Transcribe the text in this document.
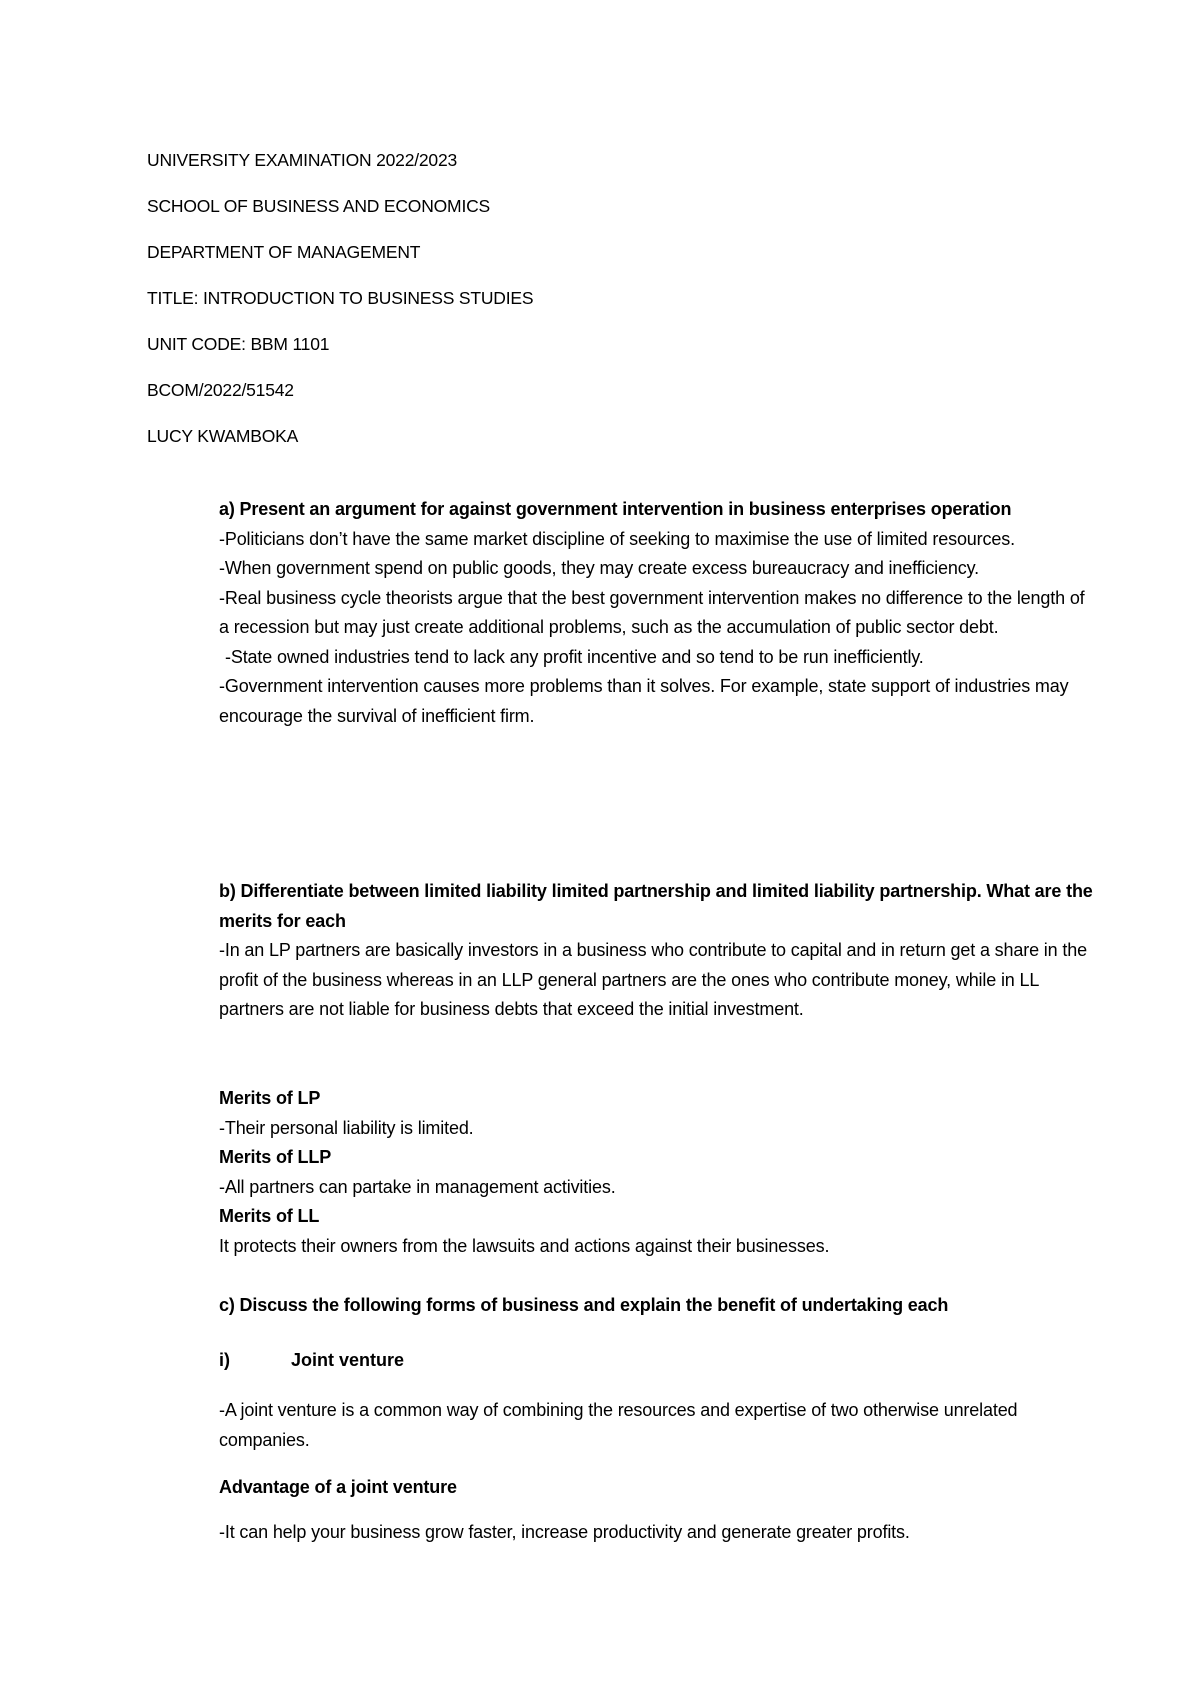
UNIVERSITY EXAMINATION 2022/2023
SCHOOL OF BUSINESS AND ECONOMICS
DEPARTMENT OF MANAGEMENT
TITLE: INTRODUCTION TO BUSINESS STUDIES
UNIT CODE: BBM 1101
BCOM/2022/51542
LUCY KWAMBOKA

a) Present an argument for against government intervention in business enterprises operation

-Politicians don’t have the same market discipline of seeking to maximise the use of limited resources.

-When government spend on public goods, they may create excess bureaucracy and inefficiency.

-Real business cycle theorists argue that the best government intervention makes no difference to the length of a recession but may just create additional problems, such as the accumulation of public sector debt.

-State owned industries tend to lack any profit incentive and so tend to be run inefficiently.

-Government intervention causes more problems than it solves. For example, state support of industries may encourage the survival of inefficient firm.

b) Differentiate between limited liability limited partnership and limited liability partnership. What are the merits for each

-In an LP partners are basically investors in a business who contribute to capital and in return get a share in the profit of the business whereas in an LLP general partners are the ones who contribute money, while in LL partners are not liable for business debts that exceed the initial investment.

Merits of LP

-Their personal liability is limited.

Merits of LLP

-All partners can partake in management activities.

Merits of LL

It protects their owners from the lawsuits and actions against their businesses.

c) Discuss the following forms of business and explain the benefit of undertaking each

i)	Joint venture

-A joint venture is a common way of combining the resources and expertise of two otherwise unrelated companies.

Advantage of a joint venture

-It can help your business grow faster, increase productivity and generate greater profits.
